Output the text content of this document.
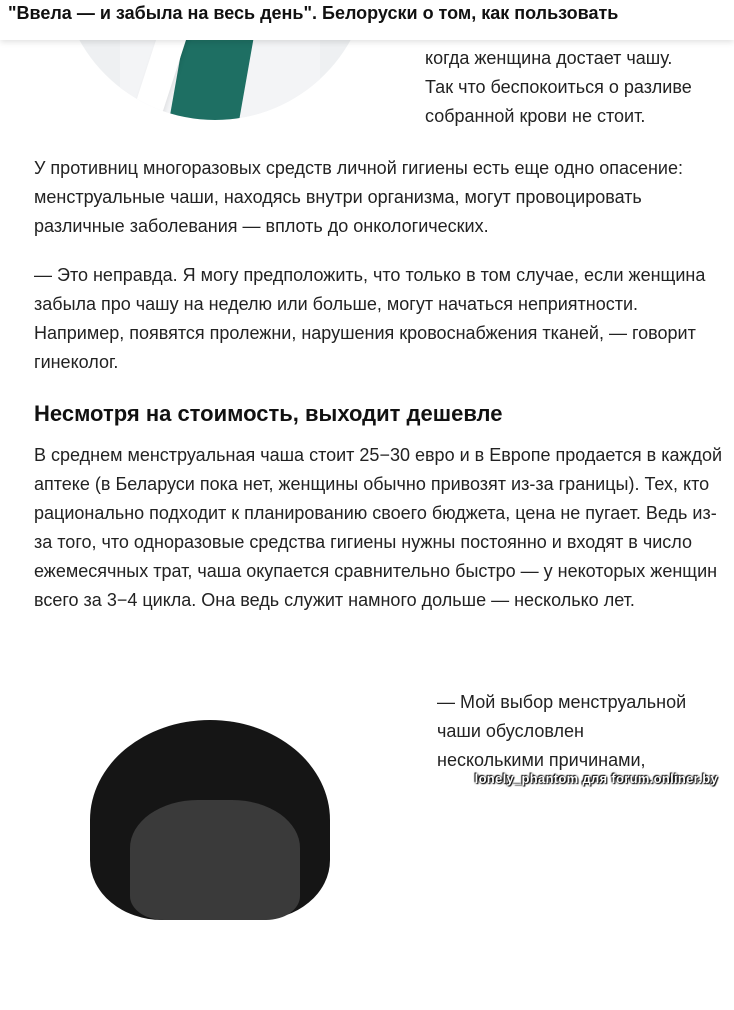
"Ввела — и забыла на весь день". Белоруски о том, как пользовать

когда женщина достает чашу.

Так что беспокоиться о разливе

собранной крови не стоит.

У противниц многоразовых средств личной гигиены есть еще одно опасение: менструальные чаши, находясь внутри организма, могут провоцировать различные заболевания — вплоть до онкологических.

— Это неправда. Я могу предположить, что только в том случае, если женщина забыла про чашу на неделю или больше, могут начаться неприятности. Например, появятся пролежни, нарушения кровоснабжения тканей, — говорит гинеколог.

Несмотря на стоимость, выходит дешевле

В среднем менструальная чаша стоит 25−30 евро и в Европе продается в каждой аптеке (в Беларуси пока нет, женщины обычно привозят из-за границы). Тех, кто рационально подходит к планированию своего бюджета, цена не пугает. Ведь из-за того, что одноразовые средства гигиены нужны постоянно и входят в число ежемесячных трат, чаша окупается сравнительно быстро — у некоторых женщин всего за 3−4 цикла. Она ведь служит намного дольше — несколько лет.

— Мой выбор менструальной

чаши обусловлен

несколькими причинами,

lonely_phantom для forum.onliner.by
